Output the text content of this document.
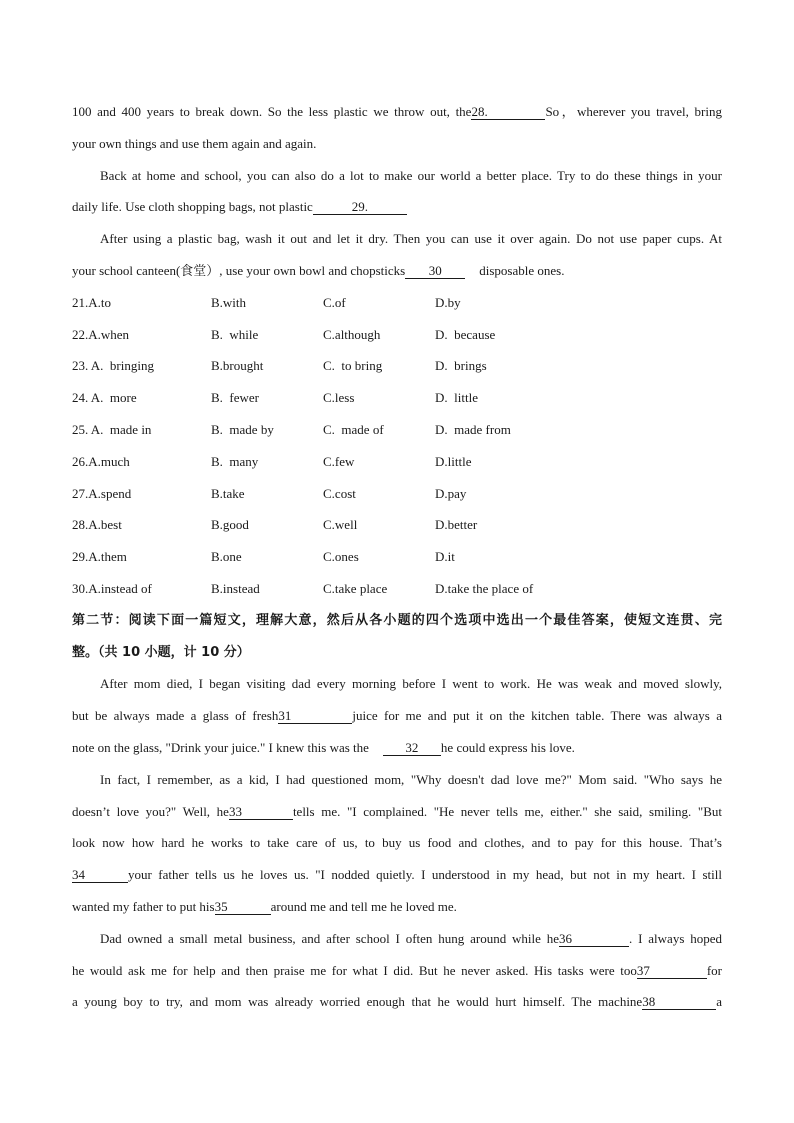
100 and 400 years to break down. So the less plastic we throw out, the28.	So，wherever you travel, bring
your own things and use them again and again.
Back at home and school, you can also do a lot to make our world a better place. Try to do these things in your
daily life. Use cloth shopping bags, not plastic	29.
After using a plastic bag, wash it out and let it dry. Then you can use it over again. Do not use paper cups. At
your school canteen(食堂）, use your own bowl and chopsticks 30	disposable ones.
21.A.to	B.with	C.of	D.by
22.A.when	B.  while	C.although	D.  because
23. A.  bringing	B.brought	C.  to bring	D.  brings
24. A.  more	B.  fewer	C.less	D.  little
25. A.  made in	B.  made by	C.  made of	D.  made from
26.A.much	B.  many	C.few	D.little
27.A.spend	B.take	C.cost	D.pay
28.A.best	B.good	C.well	D.better
29.A.them	B.one	C.ones	D.it
30.A.instead of	B.instead	C.take place	D.take the place of
第二节：阅读下面一篇短文，理解大意，然后从各小题的四个选项中选出一个最佳答案，使短文连贯、完
整。（共 10 小题，计 10 分）
After mom died, I began visiting dad every morning before I went to work. He was weak and moved slowly,
but be always made a glass of fresh31	juice for me and put it on the kitchen table. There was always a
note on the glass, "Drink your juice." I knew this was the	32 he could express his love.
In fact, I remember, as a kid, I had questioned mom, "Why doesn't dad love me?" Mom said. "Who says he
doesn’t love you?" Well, he33	tells me. "I complained. "He never tells me, either." she said, smiling. "But
look now how hard he works to take care of us, to buy us food and clothes, and to pay for this house. That’s
34	your father tells us he loves us. "I nodded quietly. I understood in my head, but not in my heart. I still
wanted my father to put his35	around me and tell me he loved me.
Dad owned a small metal business, and after school I often hung around while he36	. I always hoped
he would ask me for help and then praise me for what I did. But he never asked. His tasks were too37	for
a young boy to try, and mom was already worried enough that he would hurt himself. The machine38	a
